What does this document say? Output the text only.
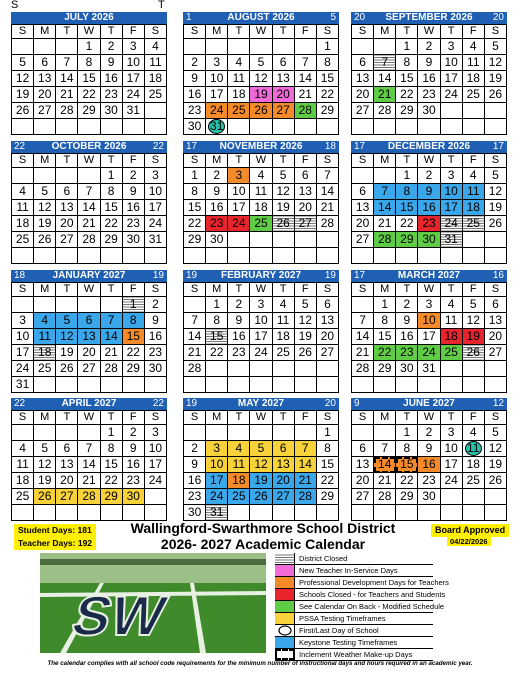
S	T
JULY 2026
S	M	T	W	T	F	S
			1	2	3	4
5	6	7	8	9	10	11
12	13	14	15	16	17	18
19	20	21	22	23	24	25
26	27	28	29	30	31	

AUGUST 2026
1	5
S	M	T	W	T	F	S
						1
2	3	4	5	6	7	8
9	10	11	12	13	14	15
16	17	18	19	20	21	22
23	24	25	26	27	28	29
30	31					
SEPTEMBER 2026
20	20
S	M	T	W	T	F	S
		1	2	3	4	5
6	7	8	9	10	11	12
13	14	15	16	17	18	19
20	21	22	23	24	25	26
27	28	29	30			

OCTOBER 2026
22	22
S	M	T	W	T	F	S
				1	2	3
4	5	6	7	8	9	10
11	12	13	14	15	16	17
18	19	20	21	22	23	24
25	26	27	28	29	30	31

NOVEMBER 2026
17	18
S	M	T	W	T	F	S
1	2	3	4	5	6	7
8	9	10	11	12	13	14
15	16	17	18	19	20	21
22	23	24	25	26	27	28
29	30					

DECEMBER 2026
17	17
S	M	T	W	T	F	S
		1	2	3	4	5
6	7	8	9	10	11	12
13	14	15	16	17	18	19
20	21	22	23	24	25	26
27	28	29	30	31		

JANUARY 2027
18	19
S	M	T	W	T	F	S
					1	2
3	4	5	6	7	8	9
10	11	12	13	14	15	16
17	18	19	20	21	22	23
24	25	26	27	28	29	30
31						
FEBRUARY 2027
19	19
S	M	T	W	T	F	S
	1	2	3	4	5	6
7	8	9	10	11	12	13
14	15	16	17	18	19	20
21	22	23	24	25	26	27
28						

MARCH 2027
17	16
S	M	T	W	T	F	S
	1	2	3	4	5	6
7	8	9	10	11	12	13
14	15	16	17	18	19	20
21	22	23	24	25	26	27
28	29	30	31			

APRIL 2027
22	22
S	M	T	W	T	F	S
				1	2	3
4	5	6	7	8	9	10
11	12	13	14	15	16	17
18	19	20	21	22	23	24
25	26	27	28	29	30	

MAY 2027
19	20
S	M	T	W	T	F	S
						1
2	3	4	5	6	7	8
9	10	11	12	13	14	15
16	17	18	19	20	21	22
23	24	25	26	27	28	29
30	31					
JUNE 2027
9	12
S	M	T	W	T	F	S
		1	2	3	4	5
6	7	8	9	10	11	12
13	14	15	16	17	18	19
20	21	22	23	24	25	26
27	28	29	30			

Student Days: 181
Teacher Days: 192
Wallingford-Swarthmore School District
2026- 2027 Academic Calendar
Board Approved
04/22/2026
SW
District Closed
New Teacher In-Service Days
Professional Development Days for Teachers
Schools Closed - for Teachers and Students
See Calendar On Back - Modified Schedule
PSSA Testing Timeframes
First/Last Day of School
Keystone Testing Timeframes
Inclement Weather Make-up Days
The calendar complies with all school code requirements for the minimum number of instructional days and hours required in an academic year.
